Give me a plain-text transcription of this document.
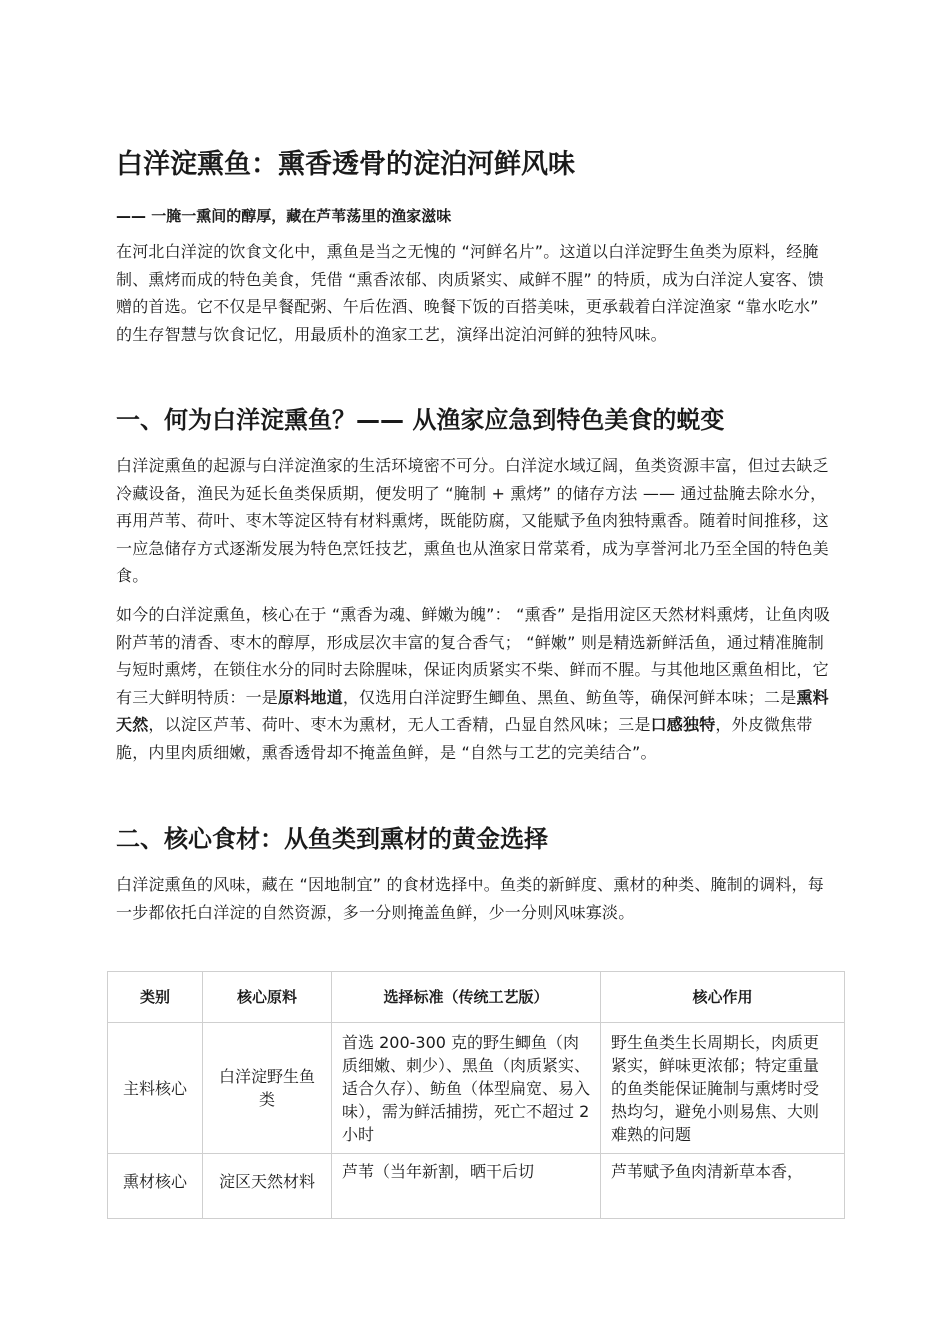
白洋淀熏鱼：熏香透骨的淀泊河鲜风味
—— 一腌一熏间的醇厚，藏在芦苇荡里的渔家滋味

在河北白洋淀的饮食文化中，熏鱼是当之无愧的 “河鲜名片”。这道以白洋淀野生鱼类为原料，经腌制、熏烤而成的特色美食，凭借 “熏香浓郁、肉质紧实、咸鲜不腥” 的特质，成为白洋淀人宴客、馈赠的首选。它不仅是早餐配粥、午后佐酒、晚餐下饭的百搭美味，更承载着白洋淀渔家 “靠水吃水” 的生存智慧与饮食记忆，用最质朴的渔家工艺，演绎出淀泊河鲜的独特风味。

一、何为白洋淀熏鱼？—— 从渔家应急到特色美食的蜕变

白洋淀熏鱼的起源与白洋淀渔家的生活环境密不可分。白洋淀水域辽阔，鱼类资源丰富，但过去缺乏冷藏设备，渔民为延长鱼类保质期，便发明了 “腌制 + 熏烤” 的储存方法 —— 通过盐腌去除水分，再用芦苇、荷叶、枣木等淀区特有材料熏烤，既能防腐，又能赋予鱼肉独特熏香。随着时间推移，这一应急储存方式逐渐发展为特色烹饪技艺，熏鱼也从渔家日常菜肴，成为享誉河北乃至全国的特色美食。

如今的白洋淀熏鱼，核心在于 “熏香为魂、鲜嫩为魄”： “熏香” 是指用淀区天然材料熏烤，让鱼肉吸附芦苇的清香、枣木的醇厚，形成层次丰富的复合香气； “鲜嫩” 则是精选新鲜活鱼，通过精准腌制与短时熏烤，在锁住水分的同时去除腥味，保证肉质紧实不柴、鲜而不腥。与其他地区熏鱼相比，它有三大鲜明特质：一是原料地道，仅选用白洋淀野生鲫鱼、黑鱼、鲂鱼等，确保河鲜本味；二是熏料天然，以淀区芦苇、荷叶、枣木为熏材，无人工香精，凸显自然风味；三是口感独特，外皮微焦带脆，内里肉质细嫩，熏香透骨却不掩盖鱼鲜，是 “自然与工艺的完美结合”。

二、核心食材：从鱼类到熏材的黄金选择

白洋淀熏鱼的风味，藏在 “因地制宜” 的食材选择中。鱼类的新鲜度、熏材的种类、腌制的调料，每一步都依托白洋淀的自然资源，多一分则掩盖鱼鲜，少一分则风味寡淡。

类别	核心原料	选择标准（传统工艺版）	核心作用
主料核心	白洋淀野生鱼类	首选 200-300 克的野生鲫鱼（肉质细嫩、刺少）、黑鱼（肉质紧实、适合久存）、鲂鱼（体型扁宽、易入味），需为鲜活捕捞，死亡不超过 2 小时	野生鱼类生长周期长，肉质更紧实，鲜味更浓郁；特定重量的鱼类能保证腌制与熏烤时受热均匀，避免小则易焦、大则难熟的问题
熏材核心	淀区天然材料	芦苇（当年新割，晒干后切	芦苇赋予鱼肉清新草本香，
